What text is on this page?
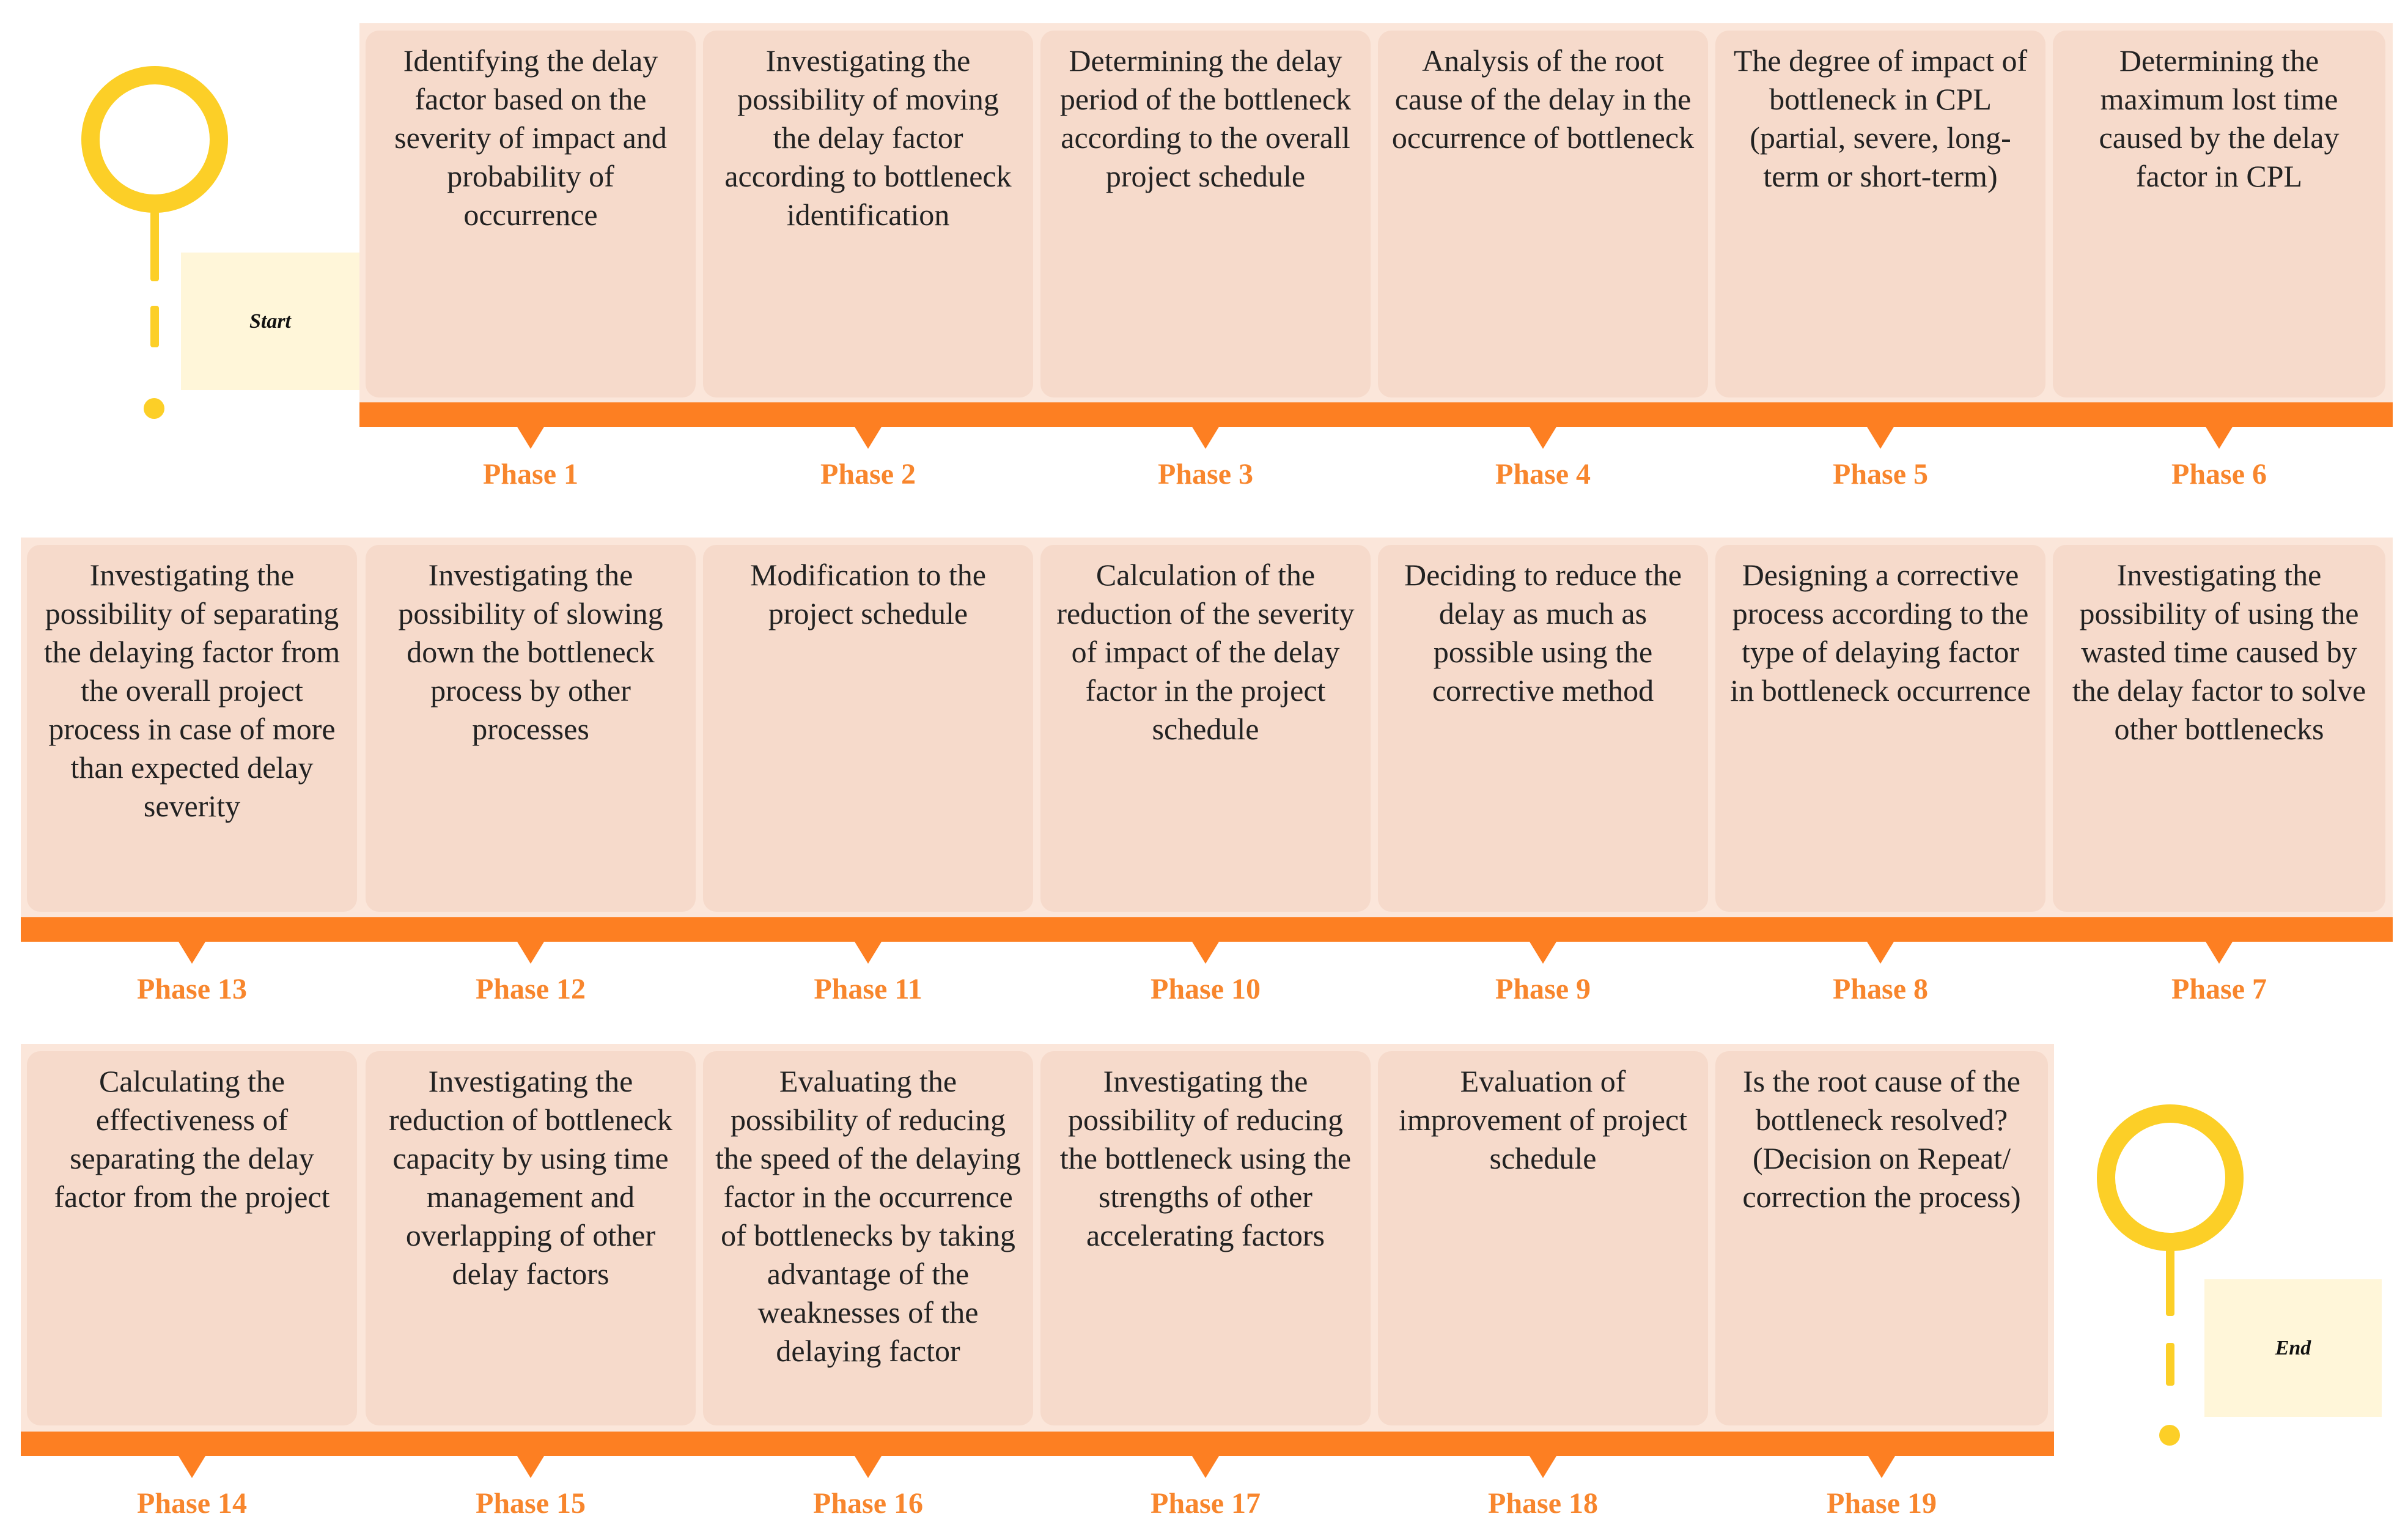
Identifying the delay factor based on the severity of impact and probability of occurrence
Investigating the possibility of moving the delay factor according to bottleneck identification
Determining the delay period of the bottleneck according to the overall project schedule
Analysis of the root cause of the delay in the occurrence of bottleneck
The degree of impact of bottleneck in CPL (partial, severe, long-term or short-term)
Determining the maximum lost time caused by the delay factor in CPL
Phase 1	Phase 2	Phase 3	Phase 4	Phase 5	Phase 6
Start
Investigating the possibility of separating the delaying factor from the overall project process in case of more than expected delay severity
Investigating the possibility of slowing down the bottleneck process by other processes
Modification to the project schedule
Calculation of the reduction of the severity of impact of the delay factor in the project schedule
Deciding to reduce the delay as much as possible using the corrective method
Designing a corrective process according to the type of delaying factor in bottleneck occurrence
Investigating the possibility of using the wasted time caused by the delay factor to solve other bottlenecks
Phase 13	Phase 12	Phase 11	Phase 10	Phase 9	Phase 8	Phase 7
Calculating the effectiveness of separating the delay factor from the project
Investigating the reduction of bottleneck capacity by using time management and overlapping of other delay factors
Evaluating the possibility of reducing the speed of the delaying factor in the occurrence of bottlenecks by taking advantage of the weaknesses of the delaying factor
Investigating the possibility of reducing the bottleneck using the strengths of other accelerating factors
Evaluation of improvement of project schedule
Is the root cause of the bottleneck resolved? (Decision on Repeat/ correction the process)
Phase 14	Phase 15	Phase 16	Phase 17	Phase 18	Phase 19
End
